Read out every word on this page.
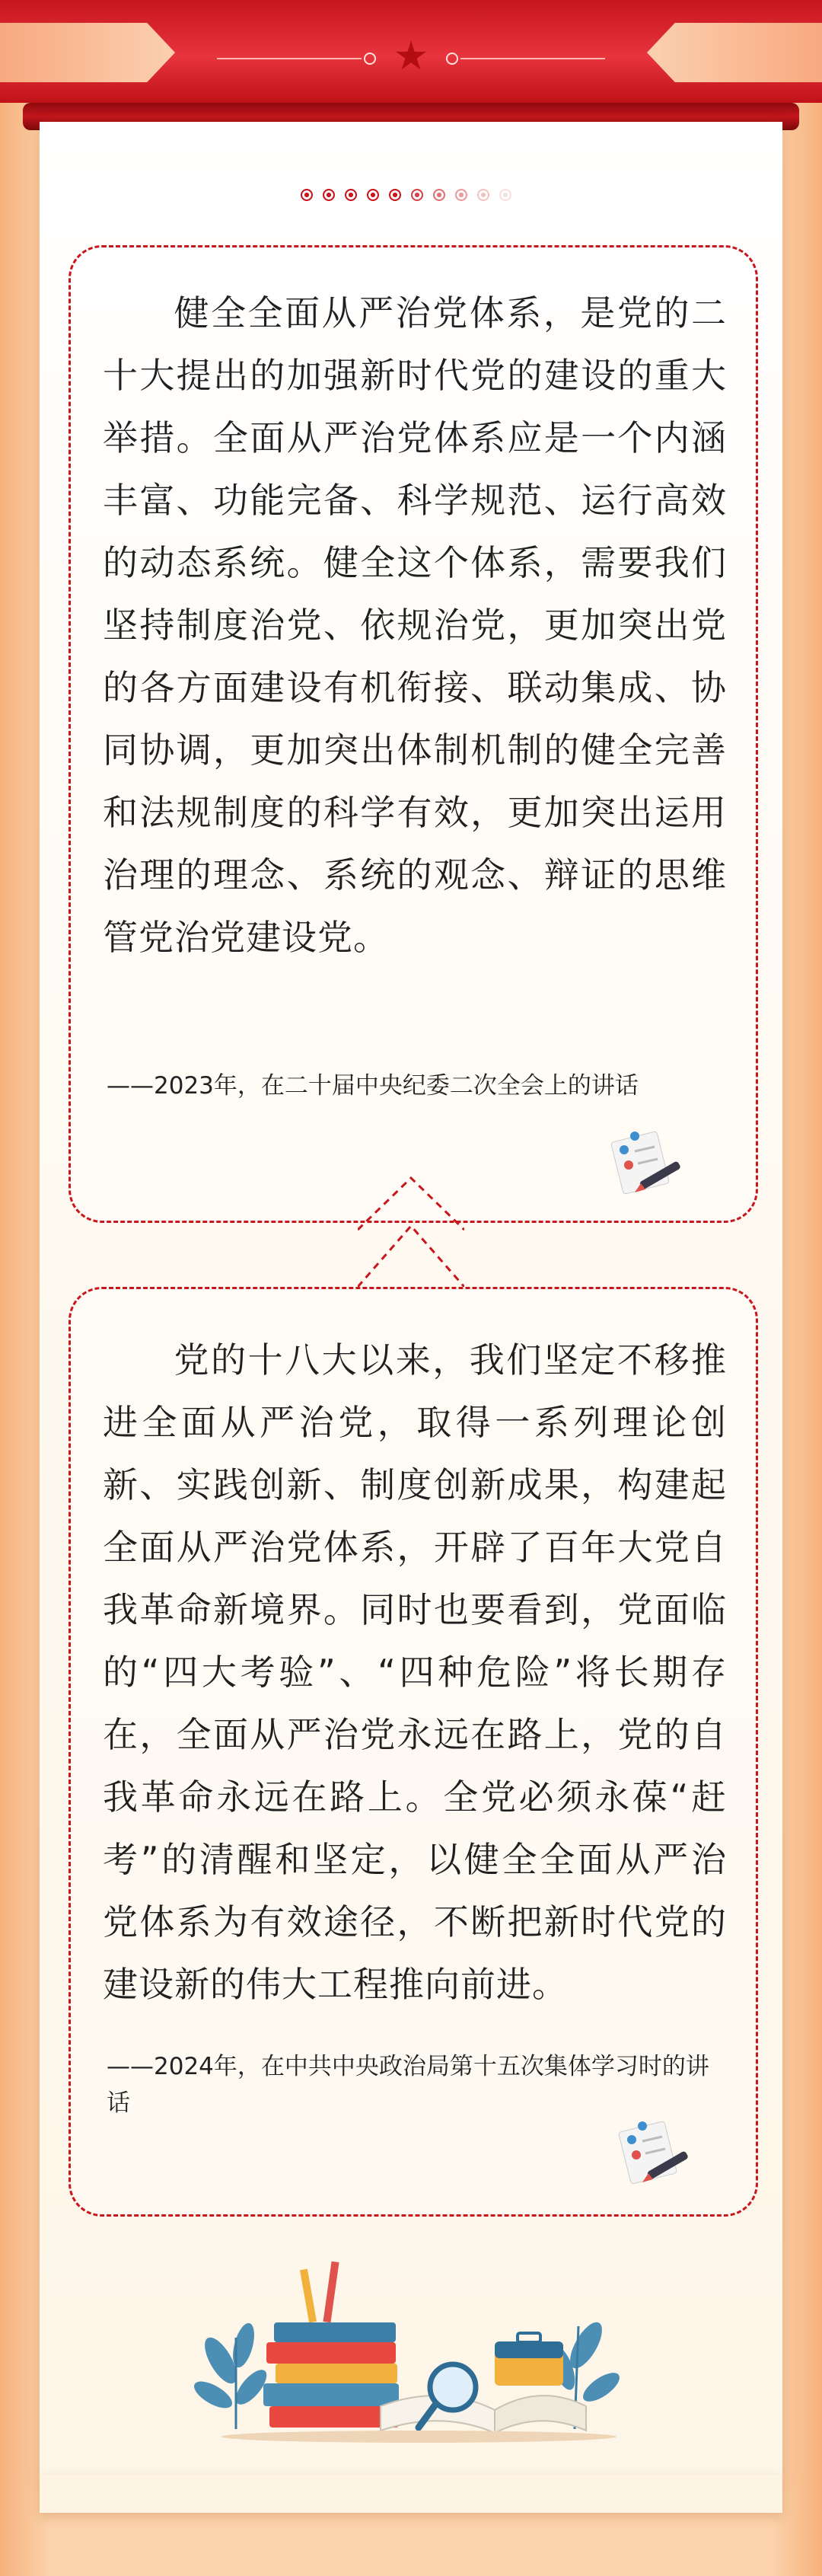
★
健全全面从严治党体系，是党的二十大提出的加强新时代党的建设的重大举措。全面从严治党体系应是一个内涵丰富、功能完备、科学规范、运行高效的动态系统。健全这个体系，需要我们坚持制度治党、依规治党，更加突出党的各方面建设有机衔接、联动集成、协同协调，更加突出体制机制的健全完善和法规制度的科学有效，更加突出运用治理的理念、系统的观念、辩证的思维管党治党建设党。
——2023年，在二十届中央纪委二次全会上的讲话
党的十八大以来，我们坚定不移推进全面从严治党，取得一系列理论创新、实践创新、制度创新成果，构建起全面从严治党体系，开辟了百年大党自我革命新境界。同时也要看到，党面临的“四大考验”、“四种危险”将长期存在，全面从严治党永远在路上，党的自我革命永远在路上。全党必须永葆“赶考”的清醒和坚定，以健全全面从严治党体系为有效途径，不断把新时代党的建设新的伟大工程推向前进。
——2024年，在中共中央政治局第十五次集体学习时的讲话
